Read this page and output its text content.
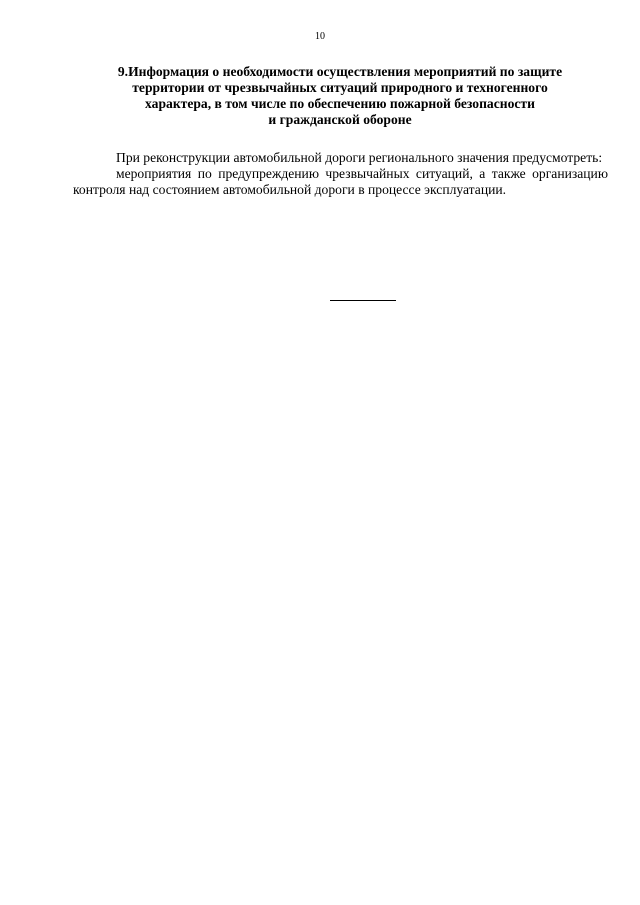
10
9.Информация о необходимости осуществления мероприятий по защите
территории от чрезвычайных ситуаций природного и техногенного
характера, в том числе по обеспечению пожарной безопасности
и гражданской обороне

При реконструкции автомобильной дороги регионального значения предусмотреть:

мероприятия по предупреждению чрезвычайных ситуаций, а также организацию контроля над состоянием автомобильной дороги в процессе эксплуатации.
